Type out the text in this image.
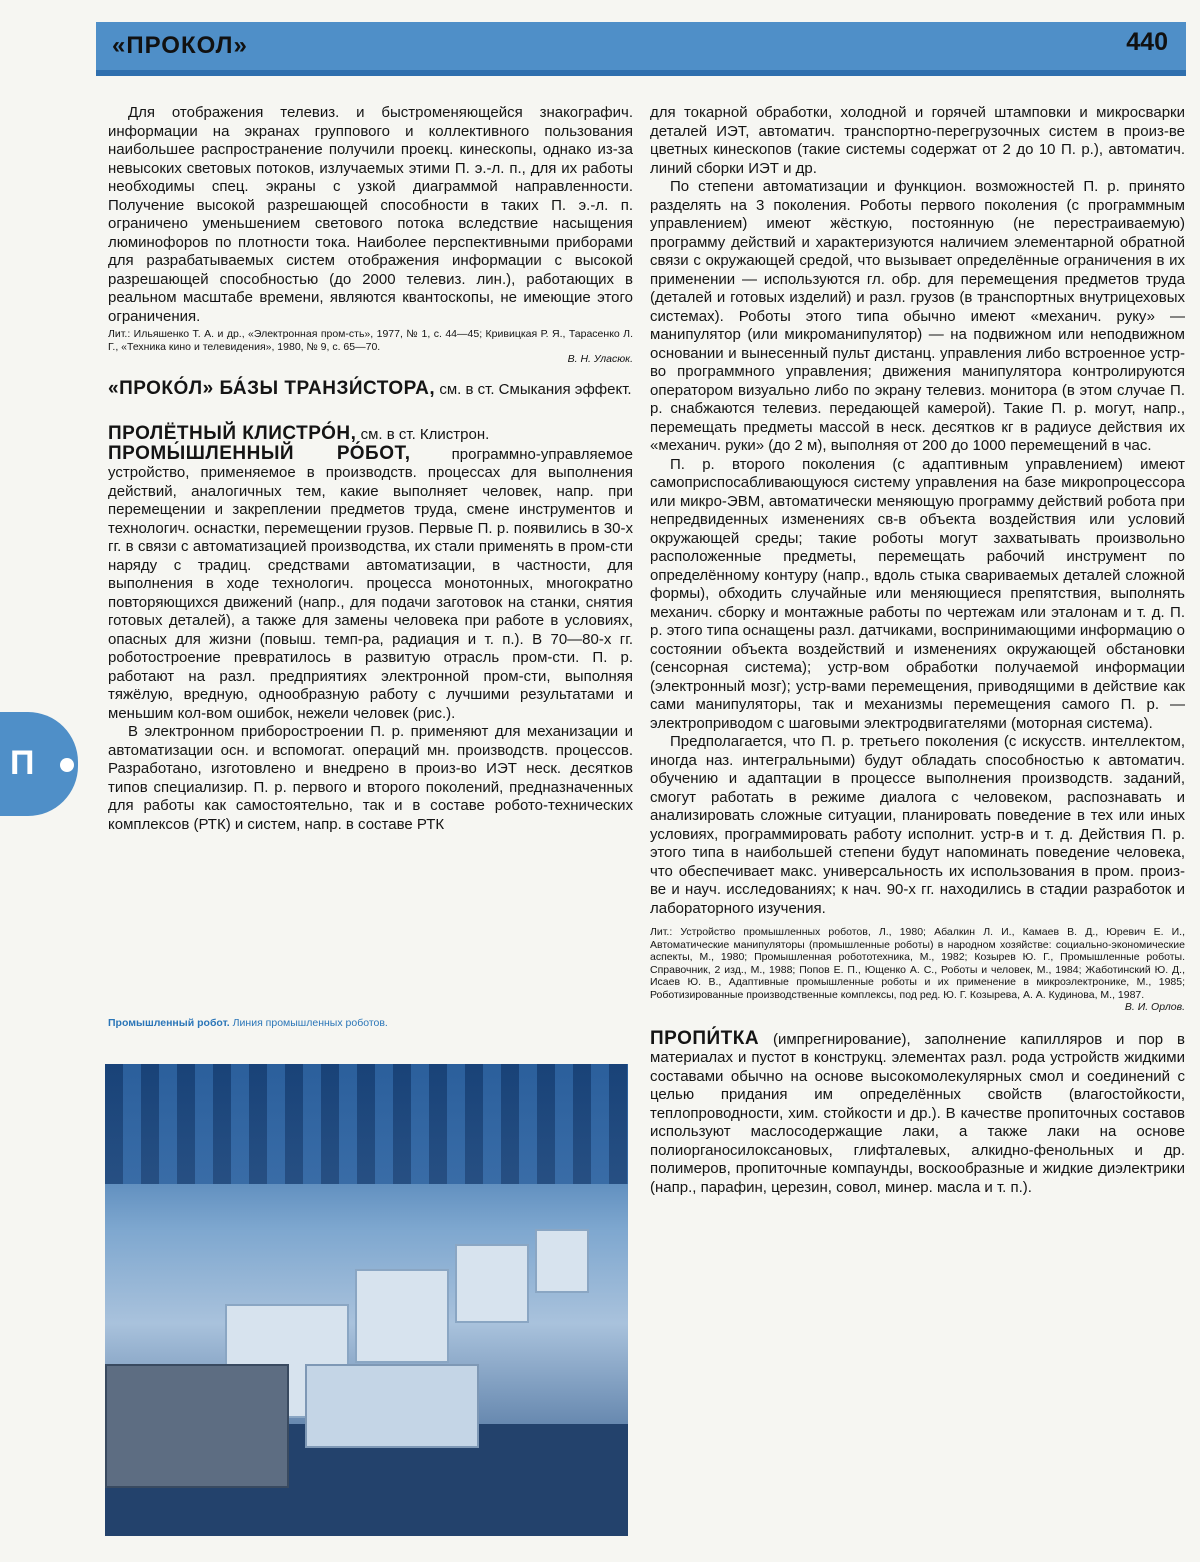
«ПРОКОЛ»	440
П

Для отображения телевиз. и быстроменяющейся знакографич. информации на экранах группового и коллективного пользования наибольшее распространение получили проекц. кинескопы, однако из-за невысоких световых потоков, излучаемых этими П. э.-л. п., для их работы необходимы спец. экраны с узкой диаграммой направленности. Получение высокой разрешающей способности в таких П. э.-л. п. ограничено уменьшением светового потока вследствие насыщения люминофоров по плотности тока. Наиболее перспективными приборами для разрабатываемых систем отображения информации с высокой разрешающей способностью (до 2000 телевиз. лин.), работающих в реальном масштабе времени, являются квантоскопы, не имеющие этого ограничения.

Лит.: Ильяшенко Т. А. и др., «Электронная пром-сть», 1977, № 1, с. 44—45; Кривицкая Р. Я., Тарасенко Л. Г., «Техника кино и телевидения», 1980, № 9, с. 65—70.
В. Н. Уласюк.

«ПРОКО́Л» БА́ЗЫ ТРАНЗИ́СТОРА, см. в ст. Смыкания эффект.

ПРОЛЁТНЫЙ КЛИСТРО́Н, см. в ст. Клистрон.

ПРОМЫ́ШЛЕННЫЙ РО́БОТ,	программно-управляемое устройство, применяемое в производств. процессах для выполнения действий, аналогичных тем, какие выполняет человек, напр. при перемещении и закреплении предметов труда, смене инструментов и технологич. оснастки, перемещении грузов. Первые П. р. появились в 30-х гг. в связи с автоматизацией производства, их стали применять в пром-сти наряду с традиц. средствами автоматизации, в частности, для выполнения в ходе технологич. процесса монотонных, многократно повторяющихся движений (напр., для подачи заготовок на станки, снятия готовых деталей), а также для замены человека при работе в условиях, опасных для жизни (повыш. темп-ра, радиация и т. п.). В 70—80-х гг. роботостроение превратилось в развитую отрасль пром-сти. П. р. работают на разл. предприятиях электронной пром-сти, выполняя тяжёлую, вредную, однообразную работу с лучшими результатами и меньшим кол-вом ошибок, нежели человек (рис.).

В электронном приборостроении П. р. применяют для механизации и автоматизации осн. и вспомогат. операций мн. производств. процессов. Разработано, изготовлено и внедрено в произ-во ИЭТ неск. десятков типов специализир. П. р. первого и второго поколений, предназначенных для работы как самостоятельно, так и в составе робото-технических комплексов (РТК) и систем, напр. в составе РТК

Промышленный робот. Линия промышленных роботов.

для токарной обработки, холодной и горячей штамповки и микросварки деталей ИЭТ, автоматич. транспортно-перегрузочных систем в произ-ве цветных кинескопов (такие системы содержат от 2 до 10 П. р.), автоматич. линий сборки ИЭТ и др.

По степени автоматизации и функцион. возможностей П. р. принято разделять на 3 поколения. Роботы первого поколения (с программным управлением) имеют жёсткую, постоянную (не перестраиваемую) программу действий и характеризуются наличием элементарной обратной связи с окружающей средой, что вызывает определённые ограничения в их применении — используются гл. обр. для перемещения предметов труда (деталей и готовых изделий) и разл. грузов (в транспортных внутрицеховых системах). Роботы этого типа обычно имеют «механич. руку» — манипулятор (или микроманипулятор) — на подвижном или неподвижном основании и вынесенный пульт дистанц. управления либо встроенное устр-во программного управления; движения манипулятора контролируются оператором визуально либо по экрану телевиз. монитора (в этом случае П. р. снабжаются телевиз. передающей камерой). Такие П. р. могут, напр., перемещать предметы массой в неск. десятков кг в радиусе действия их «механич. руки» (до 2 м), выполняя от 200 до 1000 перемещений в час.

П. р. второго поколения (с адаптивным управлением) имеют самоприспосабливающуюся систему управления на базе микропроцессора или микро-ЭВМ, автоматически меняющую программу действий робота при непредвиденных изменениях св-в объекта воздействия или условий окружающей среды; такие роботы могут захватывать произвольно расположенные предметы, перемещать рабочий инструмент по определённому контуру (напр., вдоль стыка свариваемых деталей сложной формы), обходить случайные или меняющиеся препятствия, выполнять механич. сборку и монтажные работы по чертежам или эталонам и т. д. П. р. этого типа оснащены разл. датчиками, воспринимающими информацию о состоянии объекта воздействий и изменениях окружающей обстановки (сенсорная система); устр-вом обработки получаемой информации (электронный мозг); устр-вами перемещения, приводящими в действие как сами манипуляторы, так и механизмы перемещения самого П. р. — электроприводом с шаговыми электродвигателями (моторная система).

Предполагается, что П. р. третьего поколения (с искусств. интеллектом, иногда наз. интегральными) будут обладать способностью к автоматич. обучению и адаптации в процессе выполнения производств. заданий, смогут работать в режиме диалога с человеком, распознавать и анализировать сложные ситуации, планировать поведение в тех или иных условиях, программировать работу исполнит. устр-в и т. д. Действия П. р. этого типа в наибольшей степени будут напоминать поведение человека, что обеспечивает макс. универсальность их использования в пром. произ-ве и науч. исследованиях; к нач. 90-х гг. находились в стадии разработок и лабораторного изучения.

Лит.: Устройство промышленных роботов, Л., 1980; Абалкин Л. И., Камаев В. Д., Юревич Е. И., Автоматические манипуляторы (промышленные роботы) в народном хозяйстве: социально-экономические аспекты, М., 1980; Промышленная робототехника, М., 1982; Козырев Ю. Г., Промышленные роботы. Справочник, 2 изд., М., 1988; Попов Е. П., Ющенко А. С., Роботы и человек, М., 1984; Жаботинский Ю. Д., Исаев Ю. В., Адаптивные промышленные роботы и их применение в микроэлектронике, М., 1985; Роботизированные производственные комплексы, под ред. Ю. Г. Козырева, А. А. Кудинова, М., 1987.
В. И. Орлов.

ПРОПИ́ТКА (импрегнирование), заполнение капилляров и пор в материалах и пустот в конструкц. элементах разл. рода устройств жидкими составами обычно на основе высокомолекулярных смол и соединений с целью придания им определённых свойств (влагостойкости, теплопроводности, хим. стойкости и др.). В качестве пропиточных составов используют маслосодержащие лаки, а также лаки на основе полиорганосилоксановых, глифталевых, алкидно-фенольных и др. полимеров, пропиточные компаунды, воскообразные и жидкие диэлектрики (напр., парафин, церезин, совол, минер. масла и т. п.).
